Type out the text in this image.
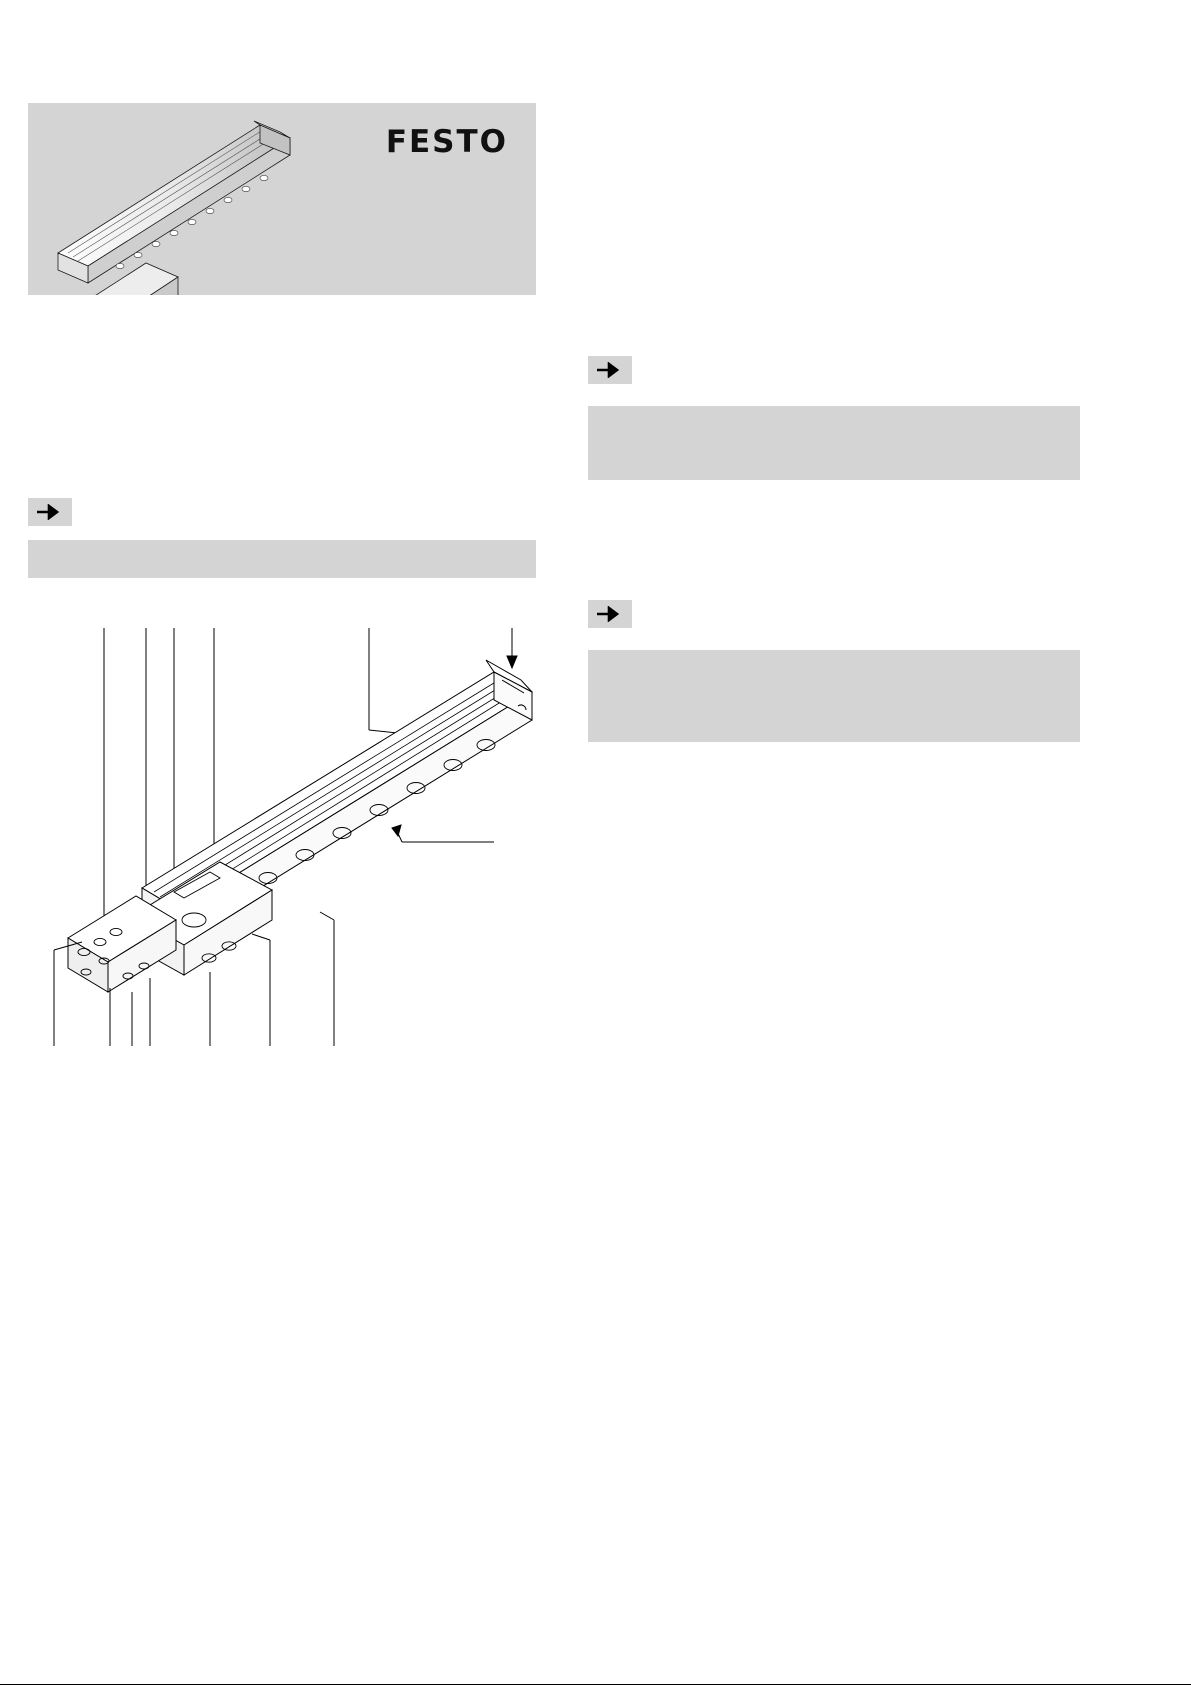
FESTO
